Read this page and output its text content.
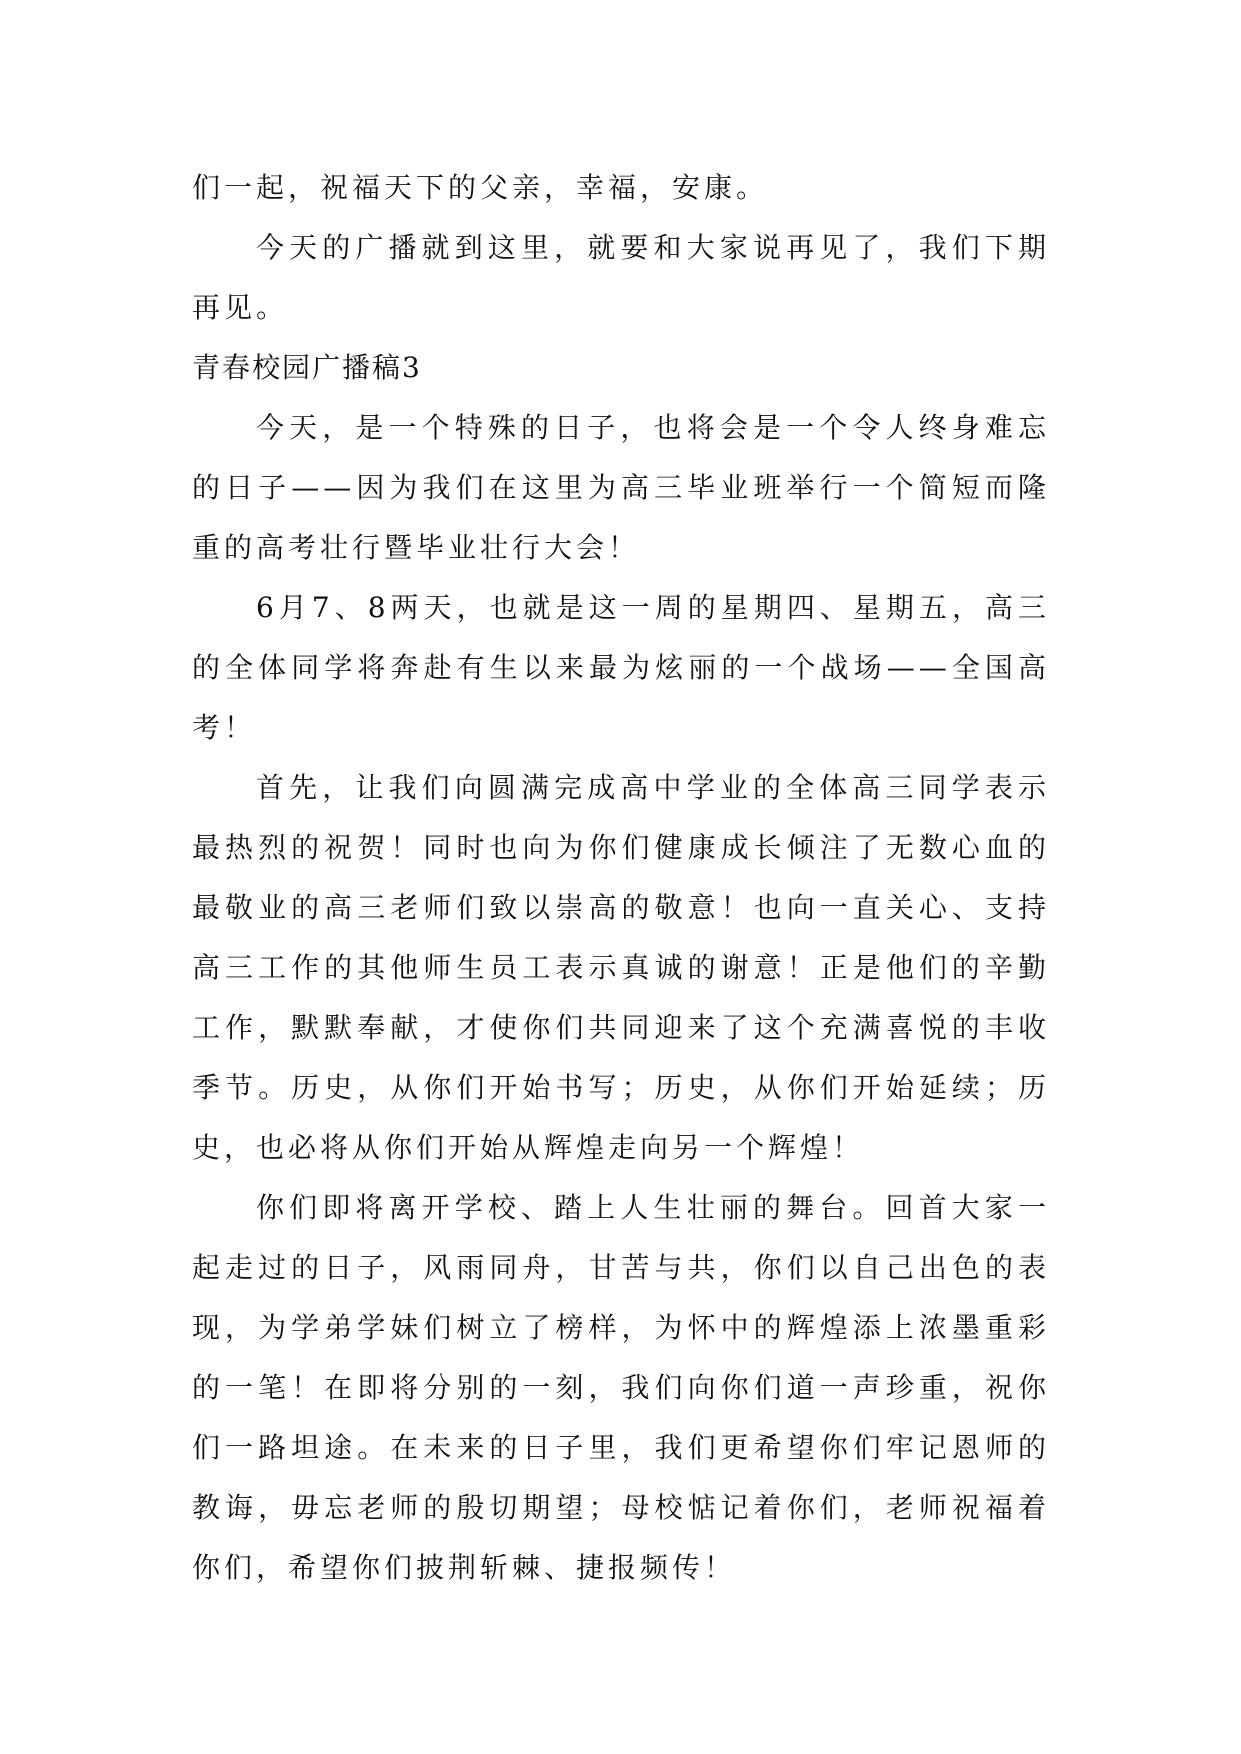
们一起，祝福天下的父亲，幸福，安康。

今天的广播就到这里，就要和大家说再见了，我们下期再见。

青春校园广播稿3

今天，是一个特殊的日子，也将会是一个令人终身难忘的日子——因为我们在这里为高三毕业班举行一个简短而隆重的高考壮行暨毕业壮行大会！

6月7、8两天，也就是这一周的星期四、星期五，高三的全体同学将奔赴有生以来最为炫丽的一个战场——全国高考！

首先，让我们向圆满完成高中学业的全体高三同学表示最热烈的祝贺！同时也向为你们健康成长倾注了无数心血的最敬业的高三老师们致以崇高的敬意！也向一直关心、支持高三工作的其他师生员工表示真诚的谢意！正是他们的辛勤工作，默默奉献，才使你们共同迎来了这个充满喜悦的丰收季节。历史，从你们开始书写；历史，从你们开始延续；历史，也必将从你们开始从辉煌走向另一个辉煌！

你们即将离开学校、踏上人生壮丽的舞台。回首大家一起走过的日子，风雨同舟，甘苦与共，你们以自己出色的表现，为学弟学妹们树立了榜样，为怀中的辉煌添上浓墨重彩的一笔！在即将分别的一刻，我们向你们道一声珍重，祝你们一路坦途。在未来的日子里，我们更希望你们牢记恩师的教诲，毋忘老师的殷切期望；母校惦记着你们，老师祝福着你们，希望你们披荆斩棘、捷报频传！
